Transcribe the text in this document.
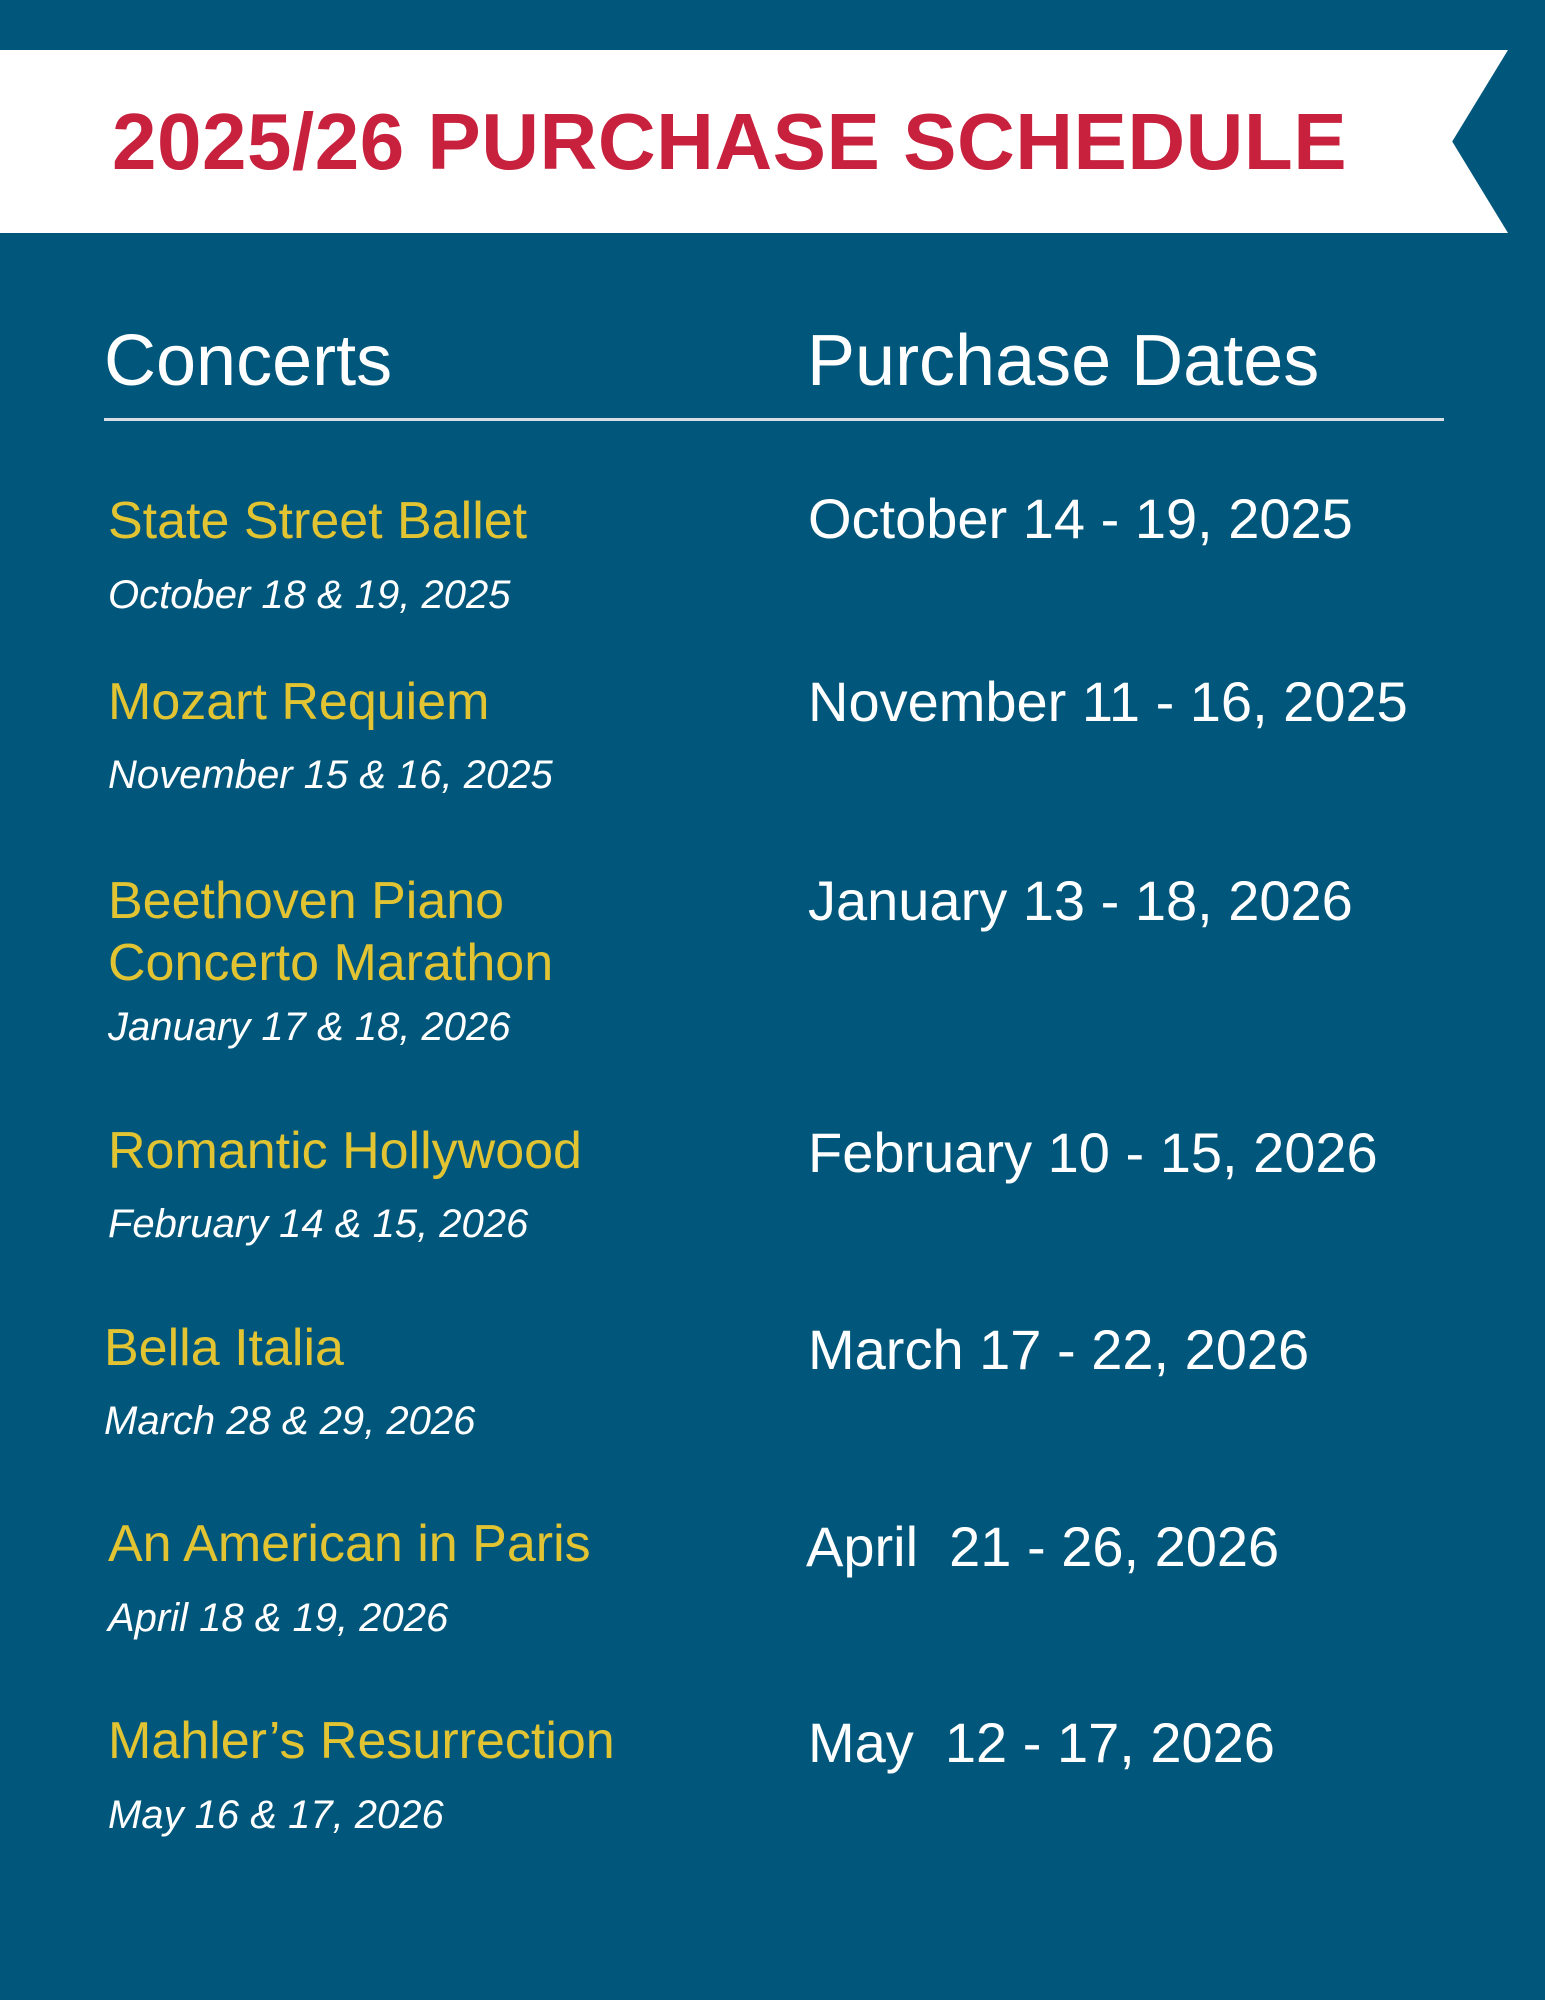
2025/26 PURCHASE SCHEDULE
Concerts	Purchase Dates
State Street Ballet
October 18 & 19, 2025
October 14 - 19, 2025
Mozart Requiem
November 15 & 16, 2025
November 11 - 16, 2025
Beethoven Piano
Concerto Marathon
January 17 & 18, 2026
January 13 - 18, 2026
Romantic Hollywood
February 14 & 15, 2026
February 10 - 15, 2026
Bella Italia
March 28 & 29, 2026
March 17 - 22, 2026
An American in Paris
April 18 & 19, 2026
April  21 - 26, 2026
Mahler’s Resurrection
May 16 & 17, 2026
May  12 - 17, 2026
